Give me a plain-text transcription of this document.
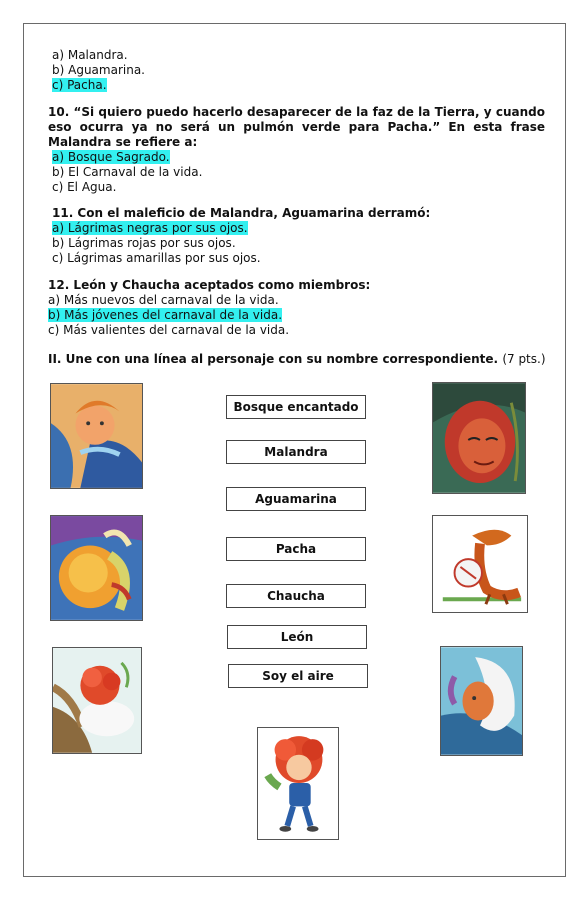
a) Malandra.
b) Aguamarina.
c) Pacha.
10. “Si quiero puedo hacerlo desaparecer de la faz de la Tierra, y cuando eso ocurra ya no será un pulmón verde para Pacha.” En esta frase Malandra se refiere a:
a) Bosque Sagrado.
b) El Carnaval de la vida.
c) El Agua.
11. Con el maleficio de Malandra, Aguamarina derramó:
a) Lágrimas negras por sus ojos.
b) Lágrimas rojas por sus ojos.
c) Lágrimas amarillas por sus ojos.
12. León y Chaucha aceptados como miembros:
a) Más nuevos del carnaval de la vida.
b) Más jóvenes del carnaval de la vida.
c) Más valientes del carnaval de la vida.
II. Une con una línea al personaje con su nombre correspondiente. (7 pts.)
Bosque encantado
Malandra
Aguamarina
Pacha
Chaucha
León
Soy el aire
